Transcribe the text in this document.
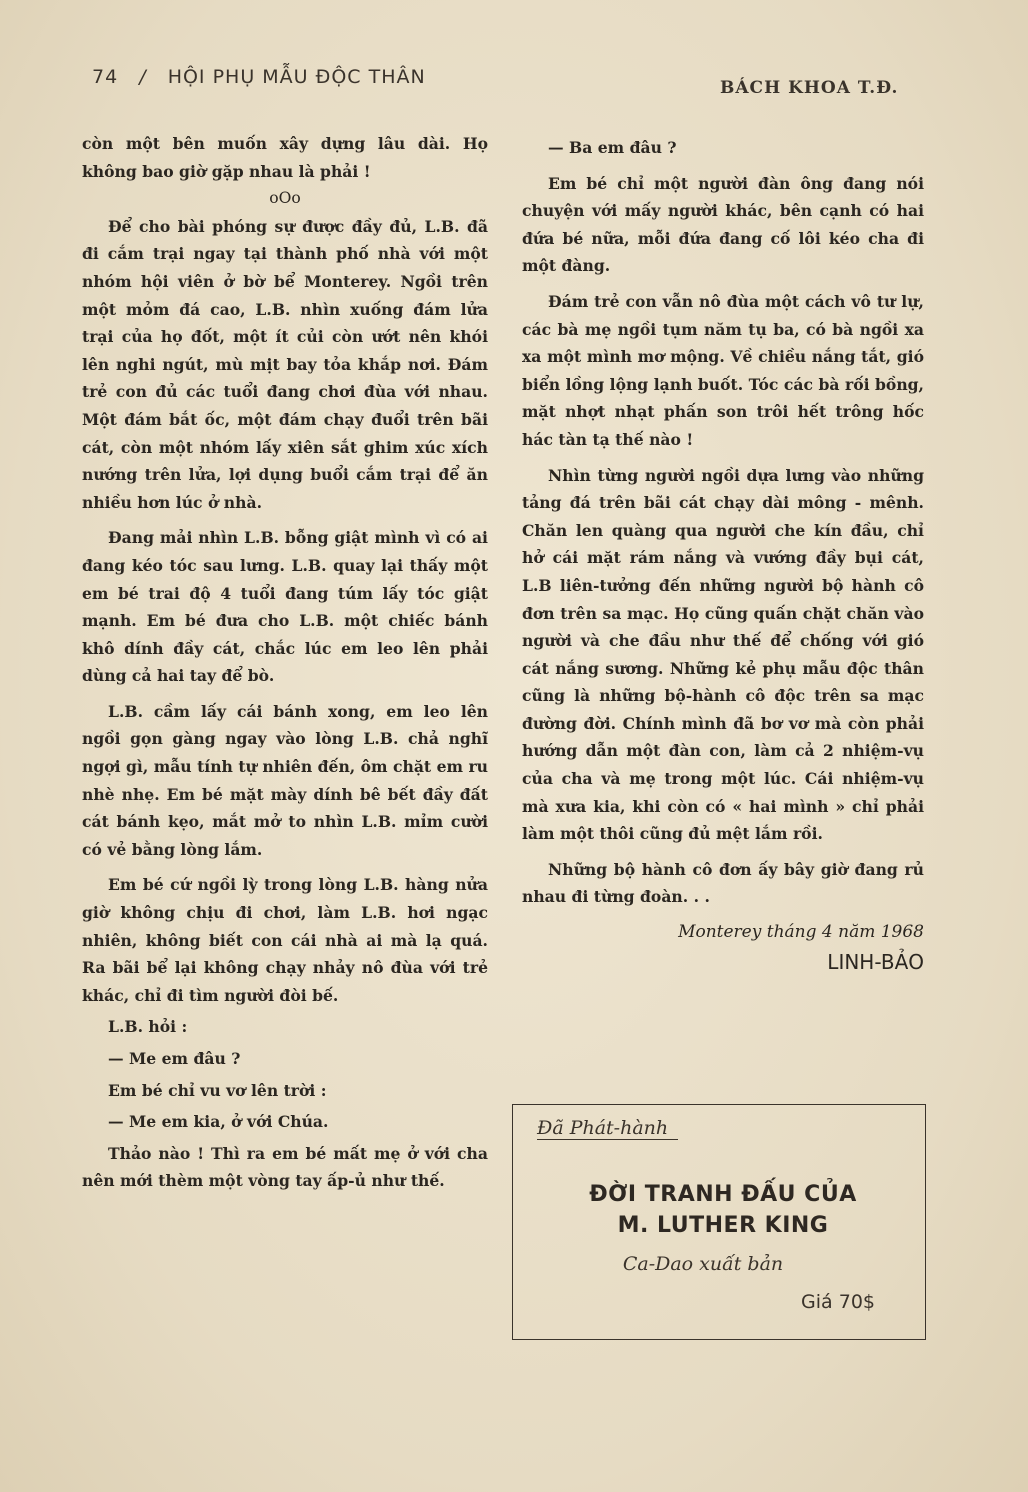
74 / HỘI PHỤ MẪU ĐỘC THÂN	BÁCH KHOA T.Đ.

còn một bên muốn xây dựng lâu dài. Họ không bao giờ gặp nhau là phải !

oOo

Để cho bài phóng sự được đầy đủ, L.B. đã đi cắm trại ngay tại thành phố nhà với một nhóm hội viên ở bờ bể Monterey. Ngồi trên một mỏm đá cao, L.B. nhìn xuống đám lửa trại của họ đốt, một ít củi còn ướt nên khói lên nghi ngút, mù mịt bay tỏa khắp nơi. Đám trẻ con đủ các tuổi đang chơi đùa với nhau. Một đám bắt ốc, một đám chạy đuổi trên bãi cát, còn một nhóm lấy xiên sắt ghim xúc xích nướng trên lửa, lợi dụng buổi cắm trại để ăn nhiều hơn lúc ở nhà.

Đang mải nhìn L.B. bỗng giật mình vì có ai đang kéo tóc sau lưng. L.B. quay lại thấy một em bé trai độ 4 tuổi đang túm lấy tóc giật mạnh. Em bé đưa cho L.B. một chiếc bánh khô dính đầy cát, chắc lúc em leo lên phải dùng cả hai tay để bò.

L.B. cầm lấy cái bánh xong, em leo lên ngồi gọn gàng ngay vào lòng L.B. chả nghĩ ngợi gì, mẫu tính tự nhiên đến, ôm chặt em ru nhè nhẹ. Em bé mặt mày dính bê bết đầy đất cát bánh kẹo, mắt mở to nhìn L.B. mỉm cười có vẻ bằng lòng lắm.

Em bé cứ ngồi lỳ trong lòng L.B. hàng nửa giờ không chịu đi chơi, làm L.B. hơi ngạc nhiên, không biết con cái nhà ai mà lạ quá. Ra bãi bể lại không chạy nhảy nô đùa với trẻ khác, chỉ đi tìm người đòi bế.

L.B. hỏi :

— Me em đâu ?

Em bé chỉ vu vơ lên trời :

— Me em kia, ở với Chúa.

Thảo nào ! Thì ra em bé mất mẹ ở với cha nên mới thèm một vòng tay ấp-ủ như thế.

— Ba em đâu ?

Em bé chỉ một người đàn ông đang nói chuyện với mấy người khác, bên cạnh có hai đứa bé nữa, mỗi đứa đang cố lôi kéo cha đi một đàng.

Đám trẻ con vẫn nô đùa một cách vô tư lự, các bà mẹ ngồi tụm năm tụ ba, có bà ngồi xa xa một mình mơ mộng. Về chiều nắng tắt, gió biển lồng lộng lạnh buốt. Tóc các bà rối bồng, mặt nhợt nhạt phấn son trôi hết trông hốc hác tàn tạ thế nào !

Nhìn từng người ngồi dựa lưng vào những tảng đá trên bãi cát chạy dài mông - mênh. Chăn len quàng qua người che kín đầu, chỉ hở cái mặt rám nắng và vướng đầy bụi cát, L.B liên-tưởng đến những người bộ hành cô đơn trên sa mạc. Họ cũng quấn chặt chăn vào người và che đầu như thế để chống với gió cát nắng sương. Những kẻ phụ mẫu độc thân cũng là những bộ-hành cô độc trên sa mạc đường đời. Chính mình đã bơ vơ mà còn phải hướng dẫn một đàn con, làm cả 2 nhiệm-vụ của cha và mẹ trong một lúc. Cái nhiệm-vụ mà xưa kia, khi còn có « hai mình » chỉ phải làm một thôi cũng đủ mệt lắm rồi.

Những bộ hành cô đơn ấy bây giờ đang rủ nhau đi từng đoàn. . .

Monterey tháng 4 năm 1968
LINH-BẢO
Đã Phát-hành
ĐỜI TRANH ĐẤU CỦA
M. LUTHER KING
Ca-Dao xuất bản
Giá 70$
